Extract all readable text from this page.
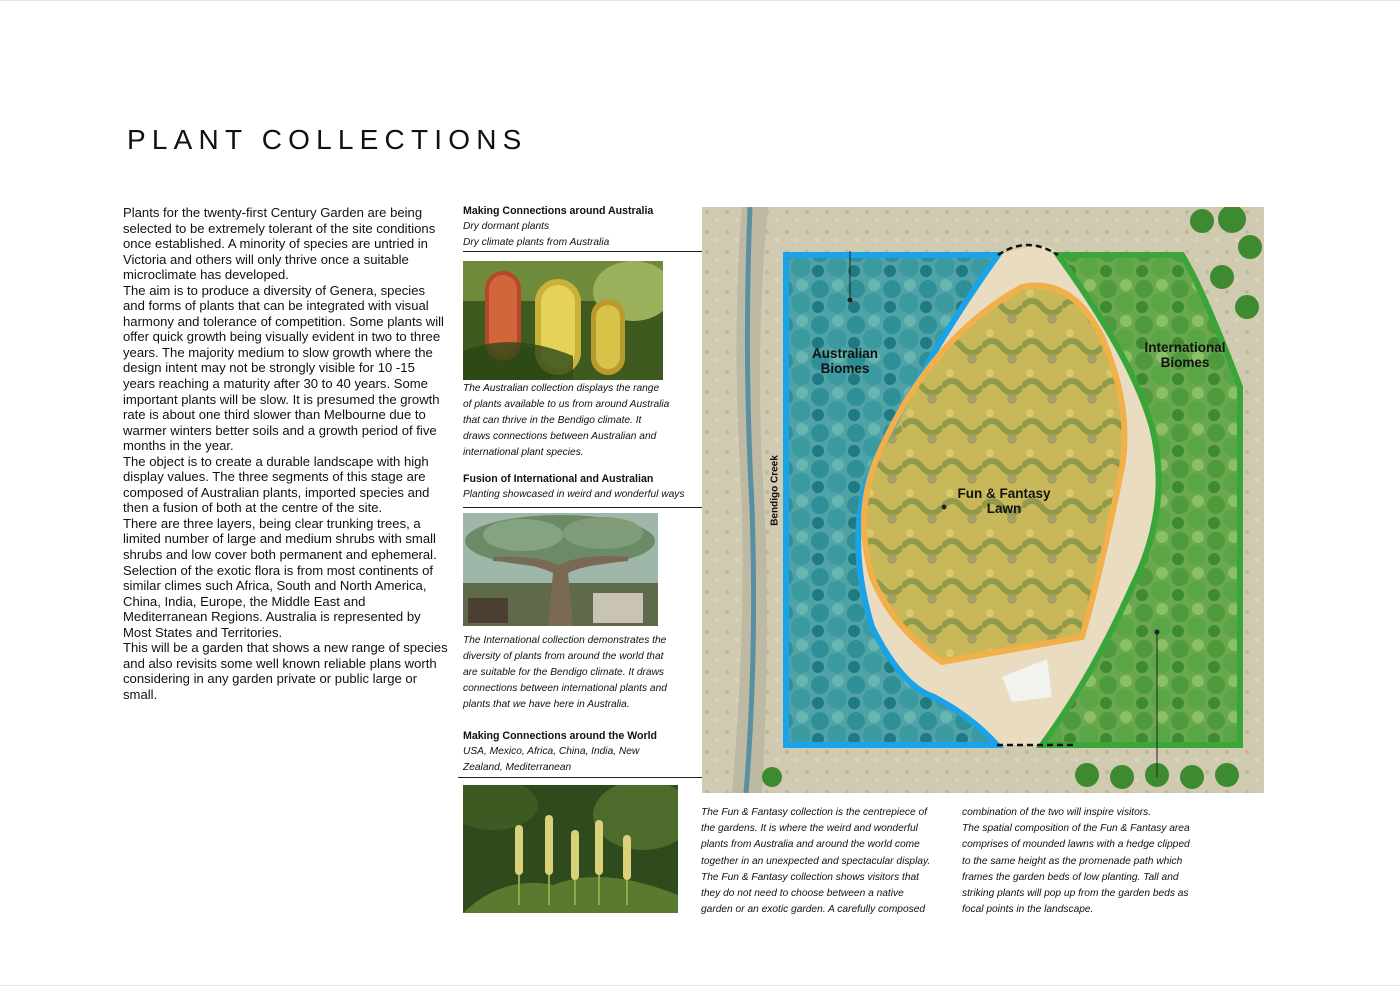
PLANT COLLECTIONS

Plants for the twenty-first Century Garden are being selected to be extremely tolerant of the site conditions once established. A minority of species are untried in Victoria and others will only thrive once a suitable microclimate has developed.

The aim is to produce a diversity of Genera, species and forms of plants that can be integrated with visual harmony and tolerance of competition. Some plants will offer quick growth being visually evident in two to three years. The majority medium to slow growth where the design intent may not be strongly visible for 10 -15 years reaching a maturity after 30 to 40 years. Some important plants will be slow. It is presumed the growth rate is about one third slower than Melbourne due to warmer winters better soils and a growth period of five months in the year.

The object is to create a durable landscape with high display values. The three segments of this stage are composed of Australian plants, imported species and then a fusion of both at the centre of the site.

There are three layers, being clear trunking trees, a limited number of large and medium shrubs with small shrubs and low cover both permanent and ephemeral. Selection of the exotic flora is from most continents of similar climes such Africa, South and North America, China, India, Europe, the Middle East and Mediterranean Regions. Australia is represented by Most States and Territories.

This will be a garden that shows a new range of species and also revisits some well known reliable plans worth considering in any garden private or public large or small.

Making Connections around Australia
Dry dormant plants
Dry climate plants from Australia
The Australian collection displays the range
of plants available to us from around Australia
that can thrive in the Bendigo climate. It
draws connections between Australian and
international plant species.
Fusion of International and Australian
Planting showcased in weird and wonderful ways
The International collection demonstrates the
diversity of plants from around the world that
are suitable for the Bendigo climate. It draws
connections between international plants and
plants that we have here in Australia.
Making Connections around the World
USA, Mexico, Africa, China, India, New
Zealand, Mediterranean
Australian
Biomes
International
Biomes
Fun & Fantasy
Lawn
Bendigo Creek

The Fun & Fantasy collection is the centrepiece of

the gardens. It is where the weird and wonderful

plants from Australia and around the world come

together in an unexpected and spectacular display.

The Fun & Fantasy collection shows visitors that

they do not need to choose between a native

garden or an exotic garden. A carefully composed

combination of the two will inspire visitors.

The spatial composition of the Fun & Fantasy area

comprises of mounded lawns with a hedge clipped

to the same height as the promenade path which

frames the garden beds of low planting. Tall and

striking plants will pop up from the garden beds as

focal points in the landscape.
